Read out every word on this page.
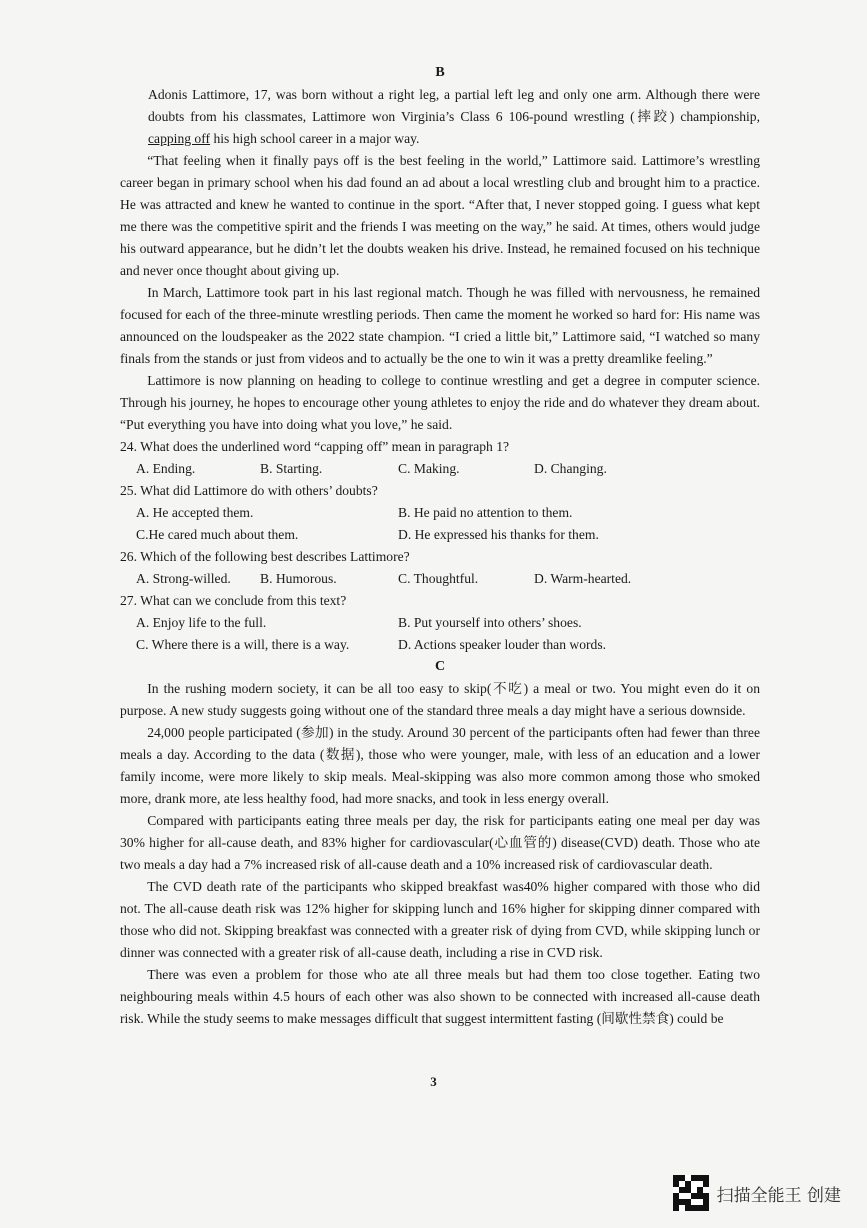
B

Adonis Lattimore, 17, was born without a right leg, a partial left leg and only one arm. Although there were doubts from his classmates, Lattimore won Virginia’s Class 6 106-pound wrestling (摔跤) championship, capping off his high school career in a major way.

“That feeling when it finally pays off is the best feeling in the world,” Lattimore said. Lattimore’s wrestling career began in primary school when his dad found an ad about a local wrestling club and brought him to a practice. He was attracted and knew he wanted to continue in the sport. “After that, I never stopped going. I guess what kept me there was the competitive spirit and the friends I was meeting on the way,” he said. At times, others would judge his outward appearance, but he didn’t let the doubts weaken his drive. Instead, he remained focused on his technique and never once thought about giving up.

In March, Lattimore took part in his last regional match. Though he was filled with nervousness, he remained focused for each of the three-minute wrestling periods. Then came the moment he worked so hard for: His name was announced on the loudspeaker as the 2022 state champion. “I cried a little bit,” Lattimore said, “I watched so many finals from the stands or just from videos and to actually be the one to win it was a pretty dreamlike feeling.”

Lattimore is now planning on heading to college to continue wrestling and get a degree in computer science. Through his journey, he hopes to encourage other young athletes to enjoy the ride and do whatever they dream about. “Put everything you have into doing what you love,” he said.

24. What does the underlined word “capping off” mean in paragraph 1?

A. Ending.	B. Starting.	C. Making.	D. Changing.

25. What did Lattimore do with others’ doubts?

A. He accepted them.	B. He paid no attention to them.
C.He cared much about them.	D. He expressed his thanks for them.

26. Which of the following best describes Lattimore?

A. Strong-willed. B. Humorous.	C. Thoughtful.	D. Warm-hearted.

27. What can we conclude from this text?

A. Enjoy life to the full.	B. Put yourself into others’ shoes.
C. Where there is a will, there is a way.	D. Actions speaker louder than words.

C

In the rushing modern society, it can be all too easy to skip(不吃) a meal or two. You might even do it on purpose. A new study suggests going without one of the standard three meals a day might have a serious downside.

24,000 people participated (参加) in the study. Around 30 percent of the participants often had fewer than three meals a day. According to the data (数据), those who were younger, male, with less of an education and a lower family income, were more likely to skip meals. Meal-skipping was also more common among those who smoked more, drank more, ate less healthy food, had more snacks, and took in less energy overall.

Compared with participants eating three meals per day, the risk for participants eating one meal per day was 30% higher for all-cause death, and 83% higher for cardiovascular(心血管的) disease(CVD) death. Those who ate two meals a day had a 7% increased risk of all-cause death and a 10% increased risk of cardiovascular death.

The CVD death rate of the participants who skipped breakfast was40% higher compared with those who did not. The all-cause death risk was 12% higher for skipping lunch and 16% higher for skipping dinner compared with those who did not. Skipping breakfast was connected with a greater risk of dying from CVD, while skipping lunch or dinner was connected with a greater risk of all-cause death, including a rise in CVD risk.

There was even a problem for those who ate all three meals but had them too close together. Eating two neighbouring meals within 4.5 hours of each other was also shown to be connected with increased all-cause death risk. While the study seems to make messages difficult that suggest intermittent fasting (间歇性禁食) could be

3
扫描全能王 创建
